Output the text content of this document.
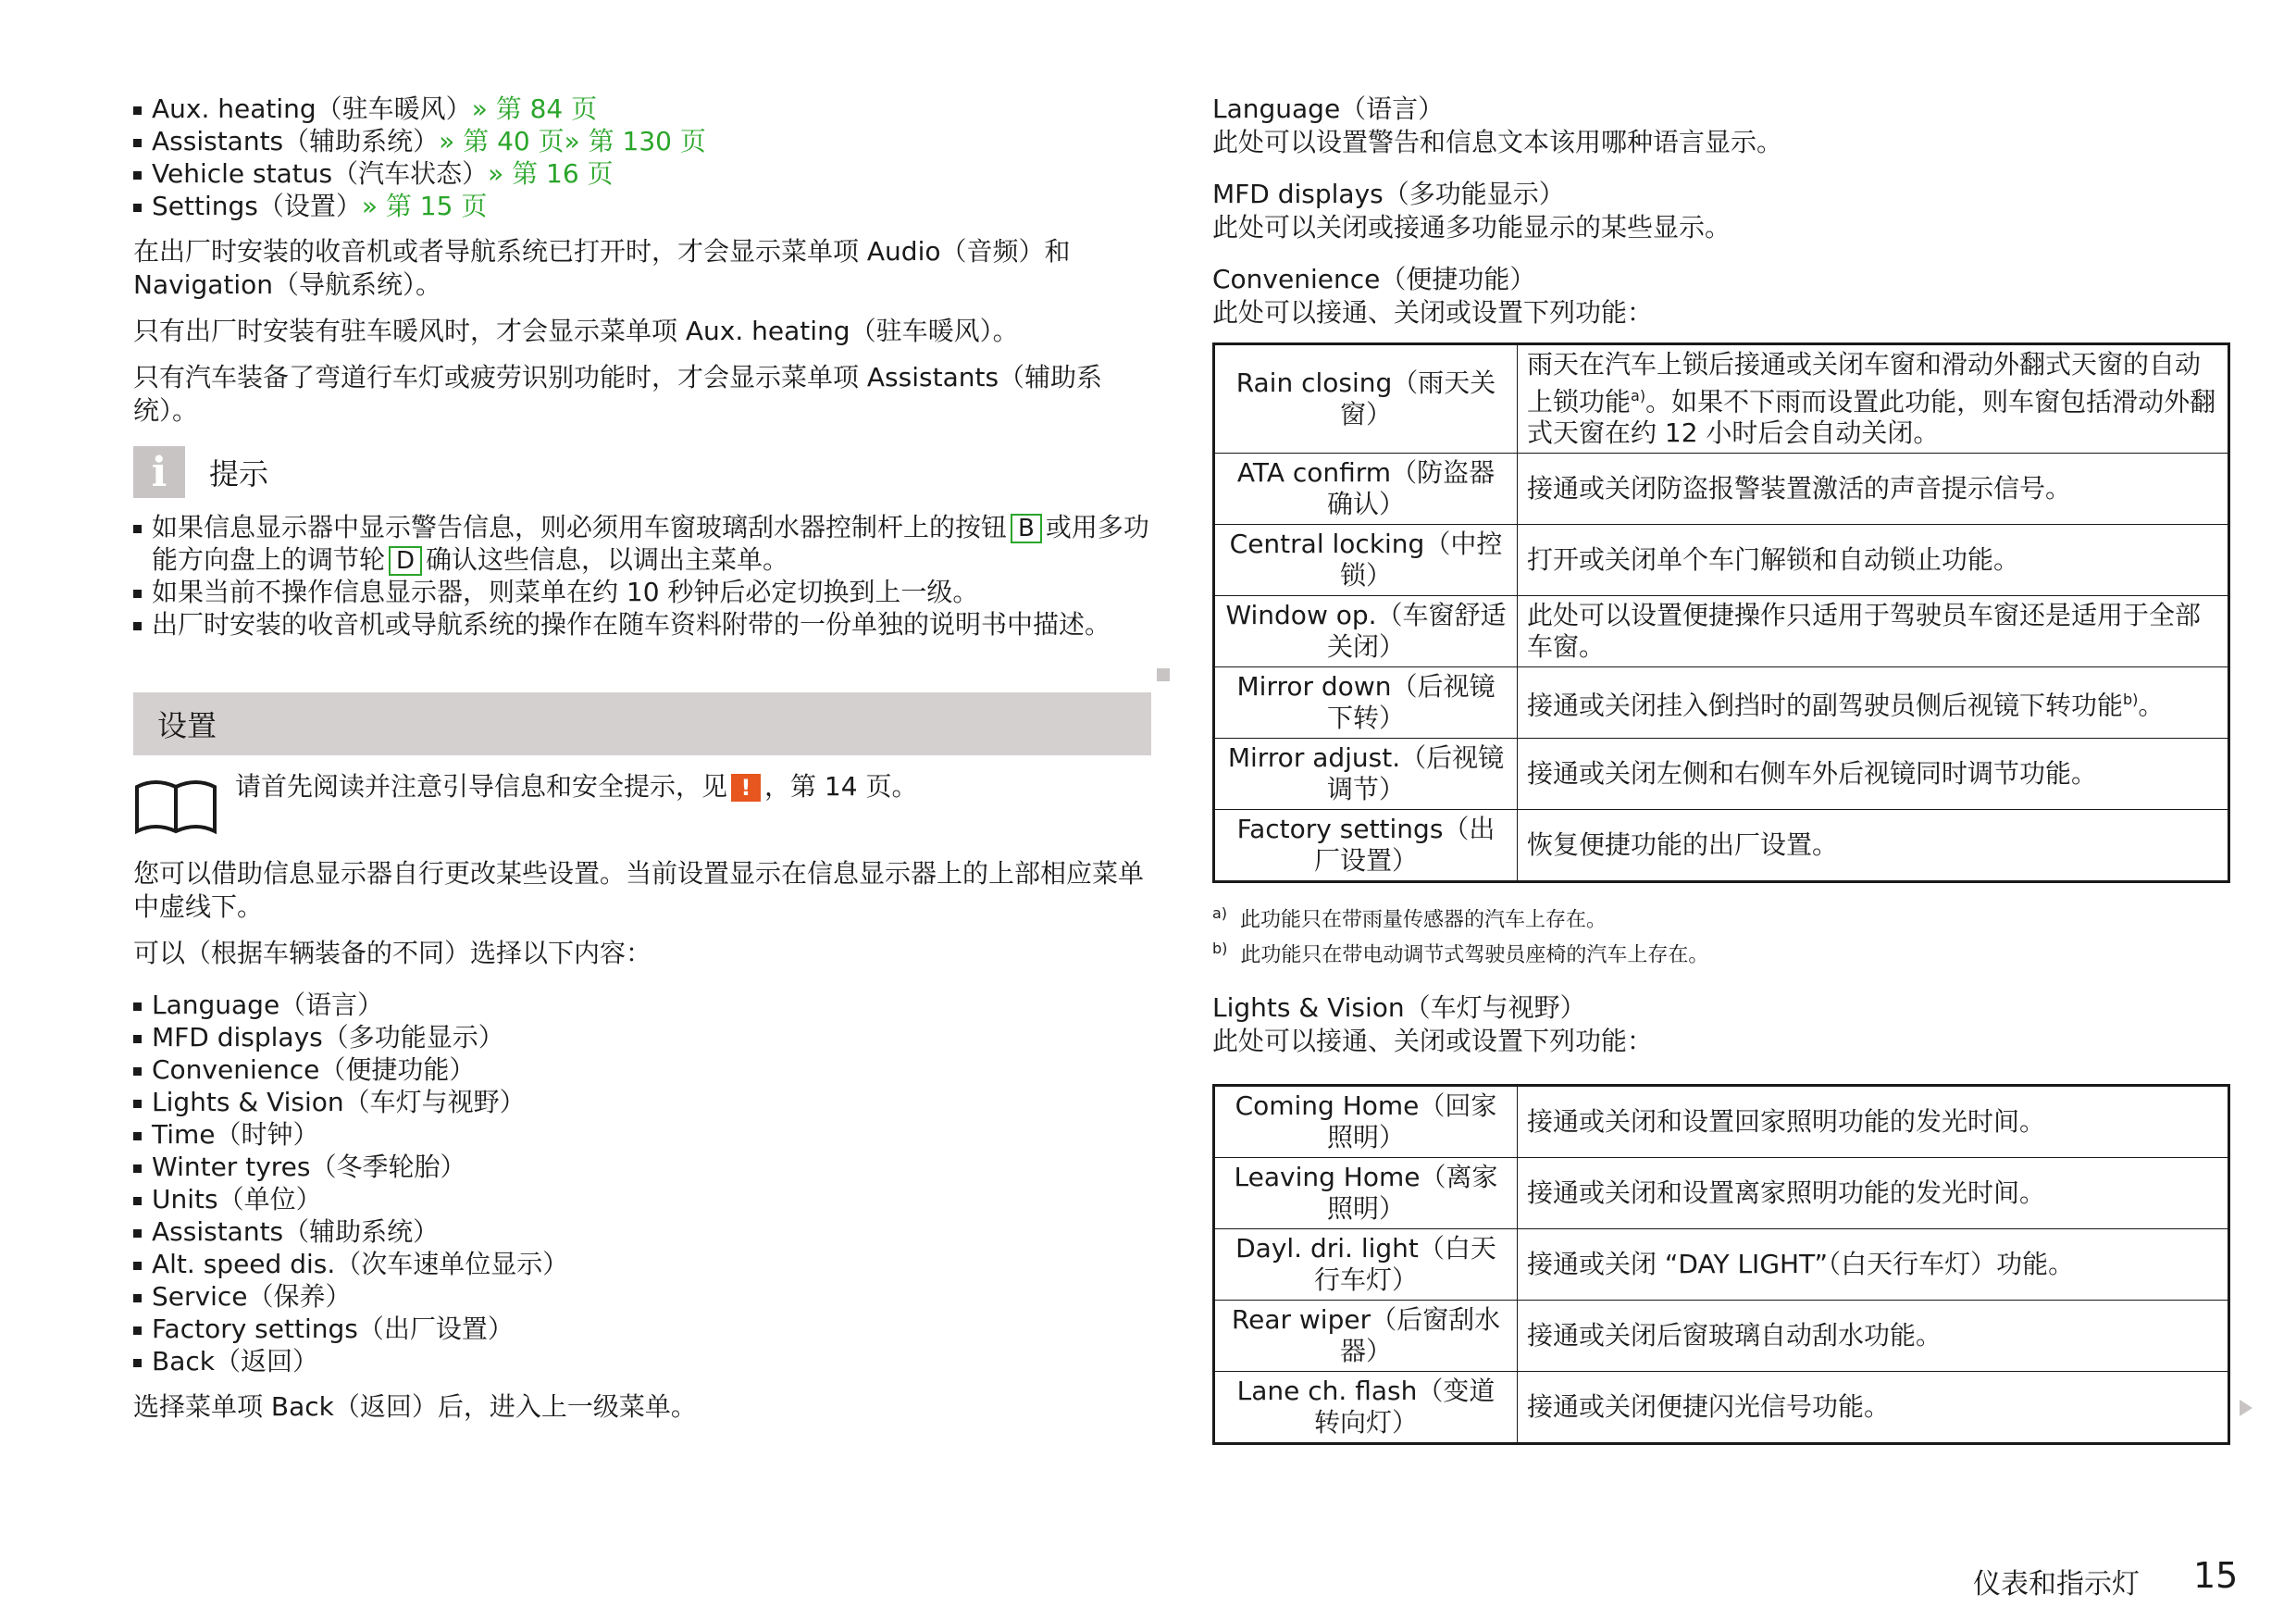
Aux. heating（驻车暖风）» 第 84 页
Assistants（辅助系统）» 第 40 页» 第 130 页
Vehicle status（汽车状态）» 第 16 页
Settings（设置）» 第 15 页

在出厂时安装的收音机或者导航系统已打开时，才会显示菜单项 Audio（音频）和 Navigation（导航系统）。

只有出厂时安装有驻车暖风时，才会显示菜单项 Aux. heating（驻车暖风）。

只有汽车装备了弯道行车灯或疲劳识别功能时，才会显示菜单项 Assistants（辅助系统）。

i	提示
如果信息显示器中显示警告信息，则必须用车窗玻璃刮水器控制杆上的按钮 B 或用多功能方向盘上的调节轮 D 确认这些信息，以调出主菜单。
如果当前不操作信息显示器，则菜单在约 10 秒钟后必定切换到上一级。
出厂时安装的收音机或导航系统的操作在随车资料附带的一份单独的说明书中描述。
设置

请首先阅读并注意引导信息和安全提示，见 ! ，第 14 页。

您可以借助信息显示器自行更改某些设置。当前设置显示在信息显示器上的上部相应菜单中虚线下。

可以（根据车辆装备的不同）选择以下内容：

Language（语言）
MFD displays（多功能显示）
Convenience（便捷功能）
Lights & Vision（车灯与视野）
Time（时钟）
Winter tyres（冬季轮胎）
Units（单位）
Assistants（辅助系统）
Alt. speed dis.（次车速单位显示）
Service（保养）
Factory settings（出厂设置）
Back（返回）

选择菜单项 Back（返回）后，进入上一级菜单。

Language（语言）

此处可以设置警告和信息文本该用哪种语言显示。

MFD displays（多功能显示）

此处可以关闭或接通多功能显示的某些显示。

Convenience（便捷功能）

此处可以接通、关闭或设置下列功能：

Rain closing（雨天关窗）	雨天在汽车上锁后接通或关闭车窗和滑动外翻式天窗的自动上锁功能$^{a)}$。如果不下雨而设置此功能，则车窗包括滑动外翻式天窗在约 12 小时后会自动关闭。
ATA confirm（防盗器确认）	接通或关闭防盗报警装置激活的声音提示信号。
Central locking（中控锁）	打开或关闭单个车门解锁和自动锁止功能。
Window op.（车窗舒适关闭）	此处可以设置便捷操作只适用于驾驶员车窗还是适用于全部车窗。
Mirror down（后视镜下转）	接通或关闭挂入倒挡时的副驾驶员侧后视镜下转功能$^{b)}$。
Mirror adjust.（后视镜调节）	接通或关闭左侧和右侧车外后视镜同时调节功能。
Factory settings（出厂设置）	恢复便捷功能的出厂设置。

$^{a)}$ 此功能只在带雨量传感器的汽车上存在。

$^{b)}$ 此功能只在带电动调节式驾驶员座椅的汽车上存在。

Lights & Vision（车灯与视野）

此处可以接通、关闭或设置下列功能：

Coming Home（回家照明）	接通或关闭和设置回家照明功能的发光时间。
Leaving Home（离家照明）	接通或关闭和设置离家照明功能的发光时间。
Dayl. dri. light（白天行车灯）	接通或关闭 “DAY LIGHT”（白天行车灯）功能。
Rear wiper（后窗刮水器）	接通或关闭后窗玻璃自动刮水功能。
Lane ch. flash（变道转向灯）	接通或关闭便捷闪光信号功能。
仪表和指示灯 15
